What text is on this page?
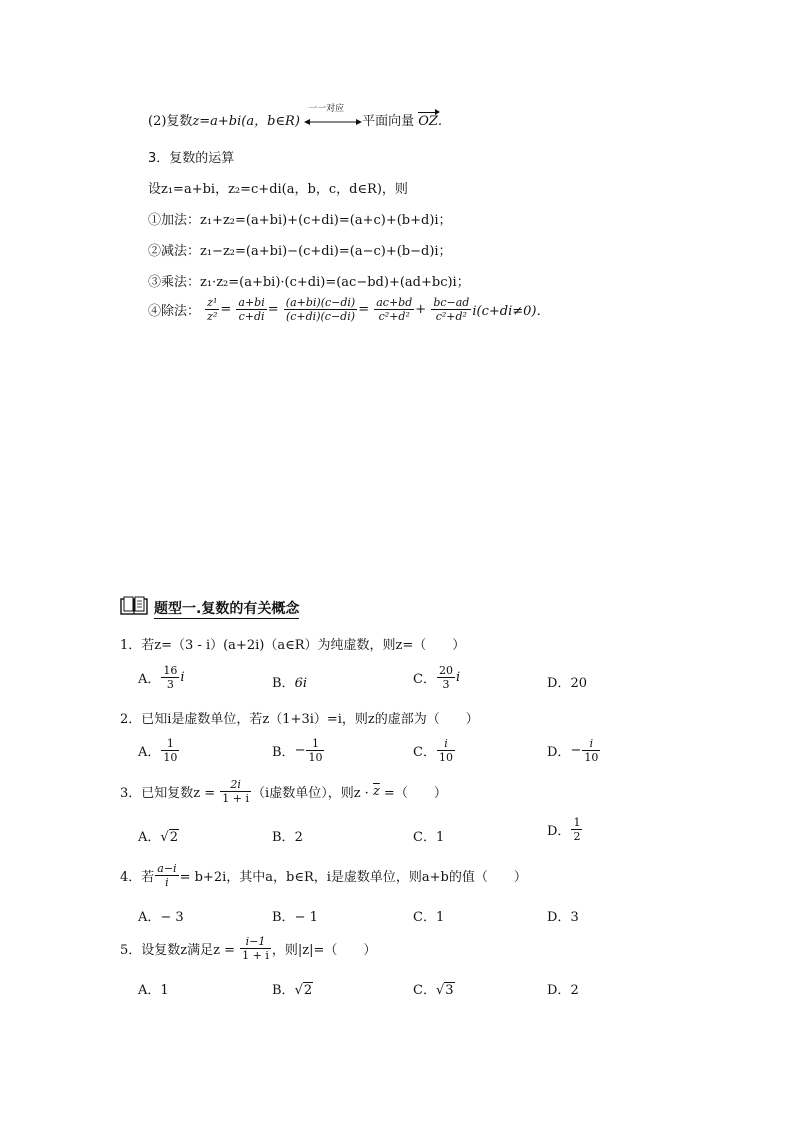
(2)复数z=a+bi(a，b∈R)
一一对应
平面向量 OZ.
3．复数的运算
设z₁=a+bi，z₂=c+di(a，b，c，d∈R)，则
①加法：z₁+z₂=(a+bi)+(c+di)=(a+c)+(b+d)i；
②减法：z₁−z₂=(a+bi)−(c+di)=(a−c)+(b−d)i；
③乘法：z₁·z₂=(a+bi)·(c+di)=(ac−bd)+(ad+bc)i；
④除法： $\frac{\text{z¹}}{\text{z²}} = \frac{a+bi}{c+di} = \frac{(a+bi)(c-di)}{(c+di)(c-di)} = \frac{ac+bd}{\text{c²+d²}} + \frac{bc-ad}{\text{c²+d²}} i(c+di\ne 0)$．
题型一.复数的有关概念
1．若z=（3 - i）(a+2i)（a∈R）为纯虚数，则z=（　　）
A． $\frac{16}{3}$ i	B．6i	C． $\frac{20}{3}$ i	D．20
2．已知i是虚数单位，若z（1+3i）=i，则z的虚部为（　　）
A． $\frac{1}{10}$	B．− $\frac{1}{10}$	C． $\frac{i}{10}$	D．− $\frac{i}{10}$
3．已知复数$z = \frac{2i}{1 + i} (i$虚数单位），则$z \cdot \overline{z}$ =（　　）
A．√2	B．2	C．1	D． $\frac{1}{2}$
4．若 $\frac{a-i}{i} = b+2i$，其中a，b∈R，i是虚数单位，则a+b的值（　　）
A．− 3	B．− 1	C．1	D．3
5．设复数z满足$z = \frac{i-1}{1 + i}$ ，则|z|=（　　）
A．1	B．√2	C．√3	D．2
